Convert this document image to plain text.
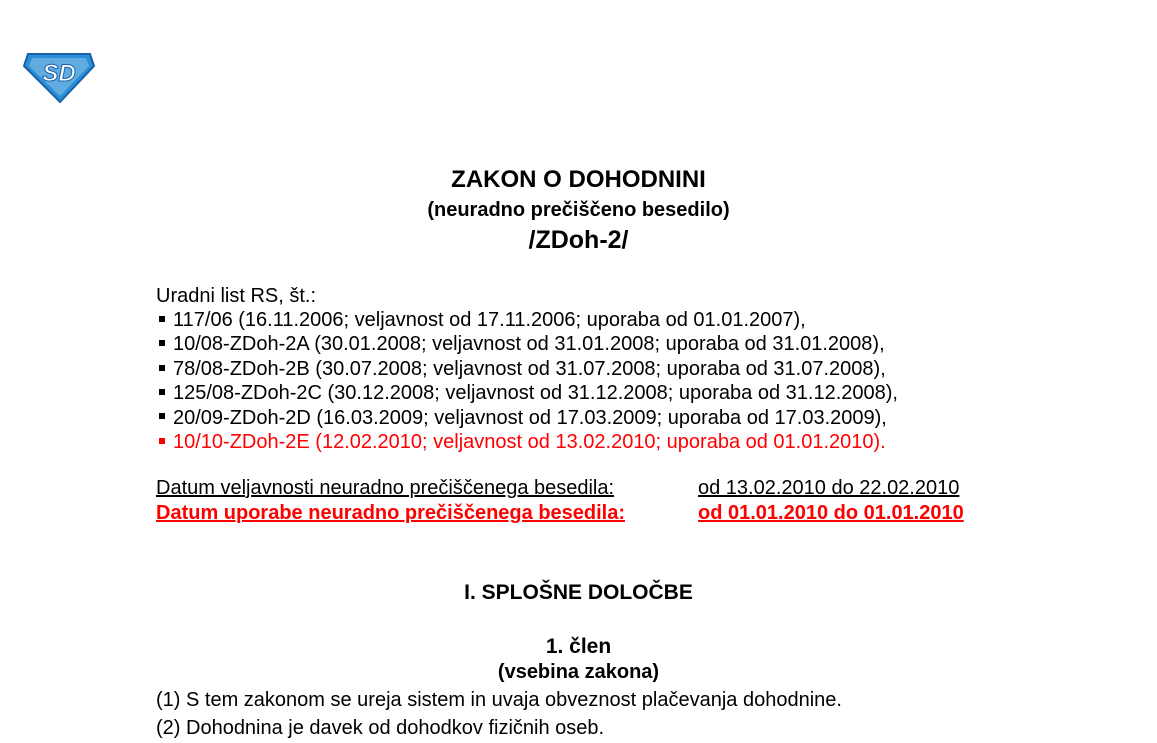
SD
ZAKON O DOHODNINI
(neuradno prečiščeno besedilo)
/ZDoh-2/
Uradni list RS, št.:
117/06 (16.11.2006; veljavnost od 17.11.2006; uporaba od 01.01.2007),
10/08-ZDoh-2A (30.01.2008; veljavnost od 31.01.2008; uporaba od 31.01.2008),
78/08-ZDoh-2B (30.07.2008; veljavnost od 31.07.2008; uporaba od 31.07.2008),
125/08-ZDoh-2C (30.12.2008; veljavnost od 31.12.2008; uporaba od 31.12.2008),
20/09-ZDoh-2D (16.03.2009; veljavnost od 17.03.2009; uporaba od 17.03.2009),
10/10-ZDoh-2E (12.02.2010; veljavnost od 13.02.2010; uporaba od 01.01.2010).
Datum veljavnosti neuradno prečiščenega besedila:	od 13.02.2010 do 22.02.2010
Datum uporabe neuradno prečiščenega besedila:	od 01.01.2010 do 01.01.2010
I. SPLOŠNE DOLOČBE
1. člen
(vsebina zakona)
(1) S tem zakonom se ureja sistem in uvaja obveznost plačevanja dohodnine.
(2) Dohodnina je davek od dohodkov fizičnih oseb.
